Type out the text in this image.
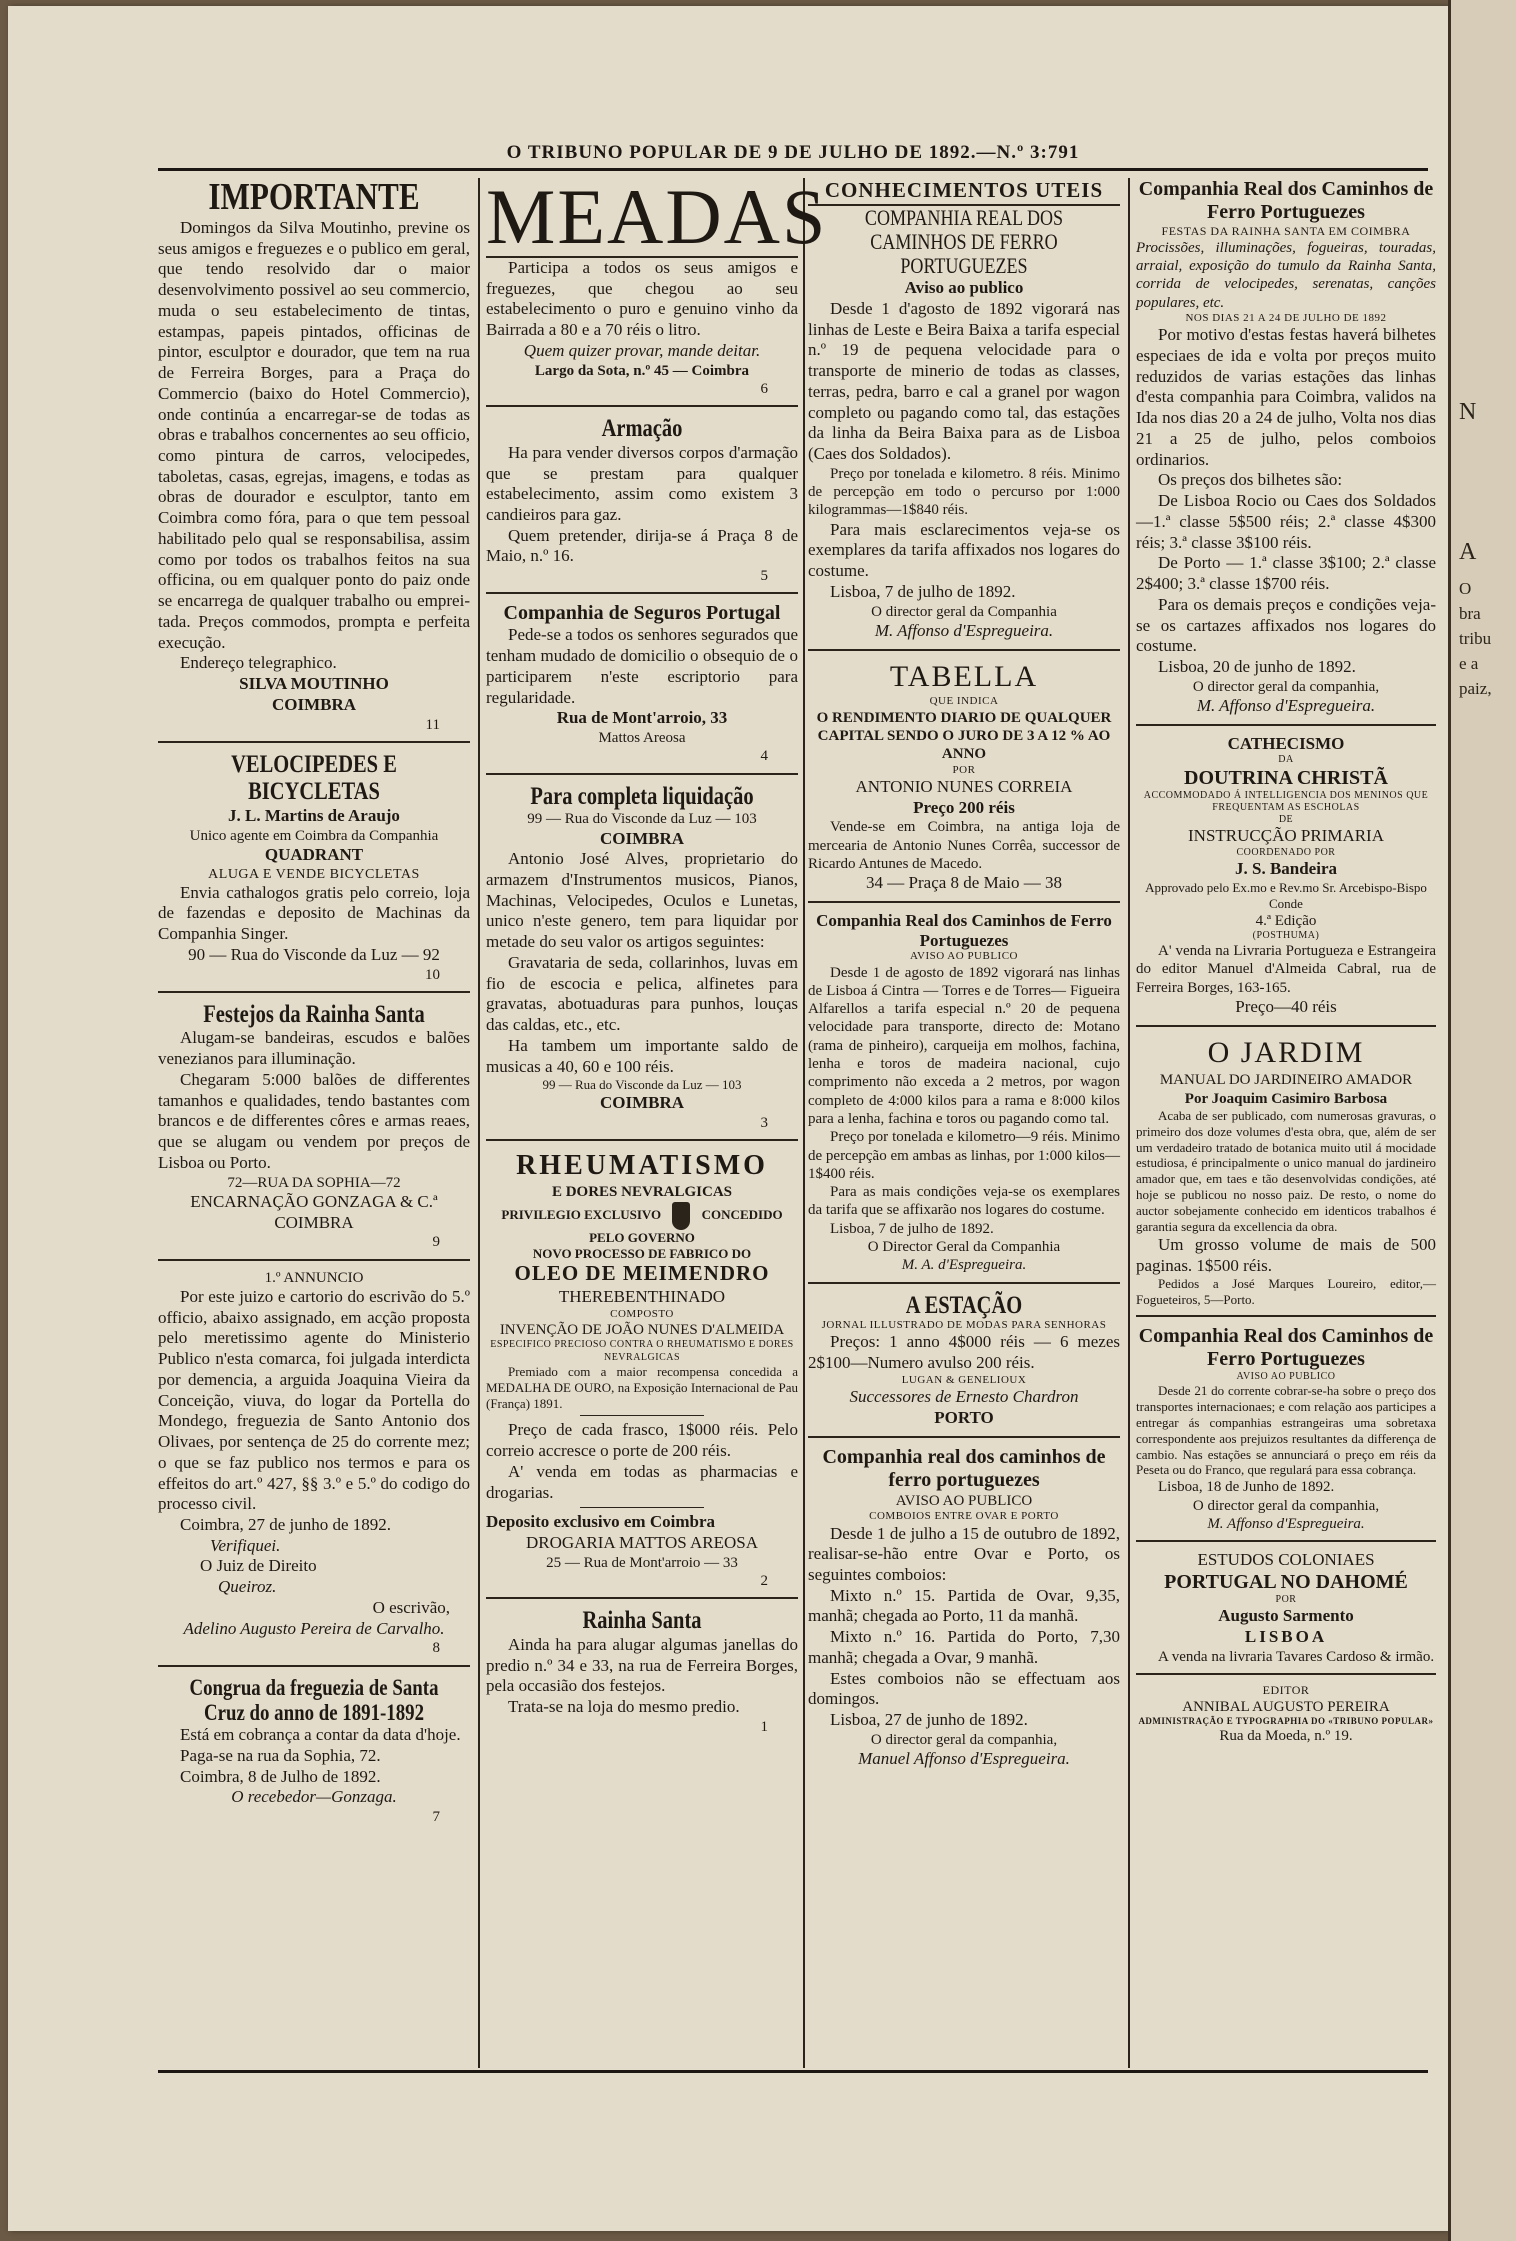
O TRIBUNO POPULAR DE 9 DE JULHO DE 1892.—N.º 3:791
IMPORTANTE
Domingos da Silva Moutinho, previne os seus amigos e freguezes e o publico em geral, que tendo resolvido dar o maior desenvolvimento possivel ao seu commercio, muda o seu estabelecimento de tintas, estampas, papeis pintados, officinas de pintor, esculptor e dourador, que tem na rua de Ferreira Borges, para a Praça do Commercio (baixo do Hotel Commercio), onde continúa a encarregar-se de todas as obras e trabalhos concernentes ao seu officio, como pintura de carros, velocipedes, taboletas, casas, egrejas, imagens, e todas as obras de dourador e esculptor, tanto em Coimbra como fóra, para o que tem pessoal habilitado pelo qual se responsabilisa, assim como por todos os trabalhos feitos na sua officina, ou em qualquer ponto do paiz onde se encarrega de qualquer trabalho ou emprei-tada. Preços commodos, prompta e perfeita execução.
Endereço telegraphico.
SILVA MOUTINHO
COIMBRA
11
VELOCIPEDES E BICYCLETAS
J. L. Martins de Araujo
Unico agente em Coimbra da Companhia
QUADRANT
ALUGA E VENDE BICYCLETAS
Envia cathalogos gratis pelo correio, loja de fazendas e deposito de Machinas da Companhia Singer.
90 — Rua do Visconde da Luz — 92
10
Festejos da Rainha Santa
Alugam-se bandeiras, escudos e balões venezianos para illuminação.
Chegaram 5:000 balões de differentes tamanhos e qualidades, tendo bastantes com brancos e de differentes côres e armas reaes, que se alugam ou vendem por preços de Lisboa ou Porto.
72—RUA DA SOPHIA—72
ENCARNAÇÃO GONZAGA & C.ª
COIMBRA
9
1.º ANNUNCIO
Por este juizo e cartorio do escrivão do 5.º officio, abaixo assignado, em acção proposta pelo meretissimo agente do Ministerio Publico n'esta comarca, foi julgada interdicta por demencia, a arguida Joaquina Vieira da Conceição, viuva, do logar da Portella do Mondego, freguezia de Santo Antonio dos Olivaes, por sentença de 25 do corrente mez; o que se faz publico nos termos e para os effeitos do art.º 427, §§ 3.º e 5.º do codigo do processo civil.
Coimbra, 27 de junho de 1892.
Verifiquei.
O Juiz de Direito
Queiroz.
O escrivão,
Adelino Augusto Pereira de Carvalho.
8
Congrua da freguezia de Santa Cruz do anno de 1891-1892
Está em cobrança a contar da data d'hoje.
Paga-se na rua da Sophia, 72.
Coimbra, 8 de Julho de 1892.
O recebedor—Gonzaga.
7
MEADAS
Participa a todos os seus amigos e freguezes, que chegou ao seu estabelecimento o puro e genuino vinho da Bairrada a 80 e a 70 réis o litro.
Quem quizer provar, mande deitar.
Largo da Sota, n.º 45 — Coimbra
6
Armação
Ha para vender diversos corpos d'armação que se prestam para qualquer estabelecimento, assim como existem 3 candieiros para gaz.
Quem pretender, dirija-se á Praça 8 de Maio, n.º 16.
5
Companhia de Seguros Portugal
Pede-se a todos os senhores segurados que tenham mudado de domicilio o obsequio de o participarem n'este escriptorio para regularidade.
Rua de Mont'arroio, 33
Mattos Areosa
4
Para completa liquidação
99 — Rua do Visconde da Luz — 103
COIMBRA
Antonio José Alves, proprietario do armazem d'Instrumentos musicos, Pianos, Machinas, Velocipedes, Oculos e Lunetas, unico n'este genero, tem para liquidar por metade do seu valor os artigos seguintes:
Gravataria de seda, collarinhos, luvas em fio de escocia e pelica, alfinetes para gravatas, abotuaduras para punhos, louças das caldas, etc., etc.
Ha tambem um importante saldo de musicas a 40, 60 e 100 réis.
99 — Rua do Visconde da Luz — 103
COIMBRA
3
RHEUMATISMO
E DORES NEVRALGICAS
PRIVILEGIO EXCLUSIVO	CONCEDIDO PELO GOVERNO
NOVO PROCESSO DE FABRICO DO
OLEO DE MEIMENDRO
THEREBENTHINADO
COMPOSTO
INVENÇÃO DE JOÃO NUNES D'ALMEIDA
ESPECIFICO PRECIOSO CONTRA O RHEUMATISMO E DORES NEVRALGICAS
Premiado com a maior recompensa concedida a MEDALHA DE OURO, na Exposição Internacional de Pau (França) 1891.
Preço de cada frasco, 1$000 réis. Pelo correio accresce o porte de 200 réis.
A' venda em todas as pharmacias e drogarias.
Deposito exclusivo em Coimbra
DROGARIA MATTOS AREOSA
25 — Rua de Mont'arroio — 33
2
Rainha Santa
Ainda ha para alugar algumas janellas do predio n.º 34 e 33, na rua de Ferreira Borges, pela occasião dos festejos.
Trata-se na loja do mesmo predio.
1
CONHECIMENTOS UTEIS
COMPANHIA REAL DOS CAMINHOS DE FERRO PORTUGUEZES
Aviso ao publico
Desde 1 d'agosto de 1892 vigorará nas linhas de Leste e Beira Baixa a tarifa especial n.º 19 de pequena velocidade para o transporte de minerio de todas as classes, terras, pedra, barro e cal a granel por wagon completo ou pagando como tal, das estações da linha da Beira Baixa para as de Lisboa (Caes dos Soldados).
Preço por tonelada e kilometro. 8 réis. Minimo de percepção em todo o percurso por 1:000 kilogrammas—1$840 réis.
Para mais esclarecimentos veja-se os exemplares da tarifa affixados nos logares do costume.
Lisboa, 7 de julho de 1892.
O director geral da Companhia
M. Affonso d'Espregueira.
TABELLA
QUE INDICA
O RENDIMENTO DIARIO DE QUALQUER CAPITAL SENDO O JURO DE 3 A 12 % AO ANNO
POR
ANTONIO NUNES CORREIA
Preço 200 réis
Vende-se em Coimbra, na antiga loja de mercearia de Antonio Nunes Corrêa, successor de Ricardo Antunes de Macedo.
34 — Praça 8 de Maio — 38
Companhia Real dos Caminhos de Ferro Portuguezes
AVISO AO PUBLICO
Desde 1 de agosto de 1892 vigorará nas linhas de Lisboa á Cintra — Torres e de Torres— Figueira Alfarellos a tarifa especial n.º 20 de pequena velocidade para transporte, directo de: Motano (rama de pinheiro), carqueija em molhos, fachina, lenha e toros de madeira nacional, cujo comprimento não exceda a 2 metros, por wagon completo de 4:000 kilos para a rama e 8:000 kilos para a lenha, fachina e toros ou pagando como tal.
Preço por tonelada e kilometro—9 réis. Minimo de percepção em ambas as linhas, por 1:000 kilos—1$400 réis.
Para as mais condições veja-se os exemplares da tarifa que se affixarão nos logares do costume.
Lisboa, 7 de julho de 1892.
O Director Geral da Companhia
M. A. d'Espregueira.
A ESTAÇÃO
JORNAL ILLUSTRADO DE MODAS PARA SENHORAS
Preços: 1 anno 4$000 réis — 6 mezes 2$100—Numero avulso 200 réis.
LUGAN & GENELIOUX
Successores de Ernesto Chardron
PORTO
Companhia real dos caminhos de ferro portuguezes
AVISO AO PUBLICO
COMBOIOS ENTRE OVAR E PORTO
Desde 1 de julho a 15 de outubro de 1892, realisar-se-hão entre Ovar e Porto, os seguintes comboios:
Mixto n.º 15. Partida de Ovar, 9,35, manhã; chegada ao Porto, 11 da manhã.
Mixto n.º 16. Partida do Porto, 7,30 manhã; chegada a Ovar, 9 manhã.
Estes comboios não se effectuam aos domingos.
Lisboa, 27 de junho de 1892.
O director geral da companhia,
Manuel Affonso d'Espregueira.
Companhia Real dos Caminhos de Ferro Portuguezes
FESTAS DA RAINHA SANTA EM COIMBRA
Procissões, illuminações, fogueiras, touradas, arraial, exposição do tumulo da Rainha Santa, corrida de velocipedes, serenatas, canções populares, etc.
NOS DIAS 21 A 24 DE JULHO DE 1892
Por motivo d'estas festas haverá bilhetes especiaes de ida e volta por preços muito reduzidos de varias estações das linhas d'esta companhia para Coimbra, validos na Ida nos dias 20 a 24 de julho, Volta nos dias 21 a 25 de julho, pelos comboios ordinarios.
Os preços dos bilhetes são:
De Lisboa Rocio ou Caes dos Soldados—1.ª classe 5$500 réis; 2.ª classe 4$300 réis; 3.ª classe 3$100 réis.
De Porto — 1.ª classe 3$100; 2.ª classe 2$400; 3.ª classe 1$700 réis.
Para os demais preços e condições veja-se os cartazes affixados nos logares do costume.
Lisboa, 20 de junho de 1892.
O director geral da companhia,
M. Affonso d'Espregueira.
CATHECISMO
DA
DOUTRINA CHRISTÃ
ACCOMMODADO Á INTELLIGENCIA DOS MENINOS QUE FREQUENTAM AS ESCHOLAS
DE
INSTRUCÇÃO PRIMARIA
COORDENADO POR
J. S. Bandeira
Approvado pelo Ex.mo e Rev.mo Sr. Arcebispo-Bispo Conde
4.ª Edição
(POSTHUMA)
A' venda na Livraria Portugueza e Estrangeira do editor Manuel d'Almeida Cabral, rua de Ferreira Borges, 163-165.
Preço—40 réis
O JARDIM
MANUAL DO JARDINEIRO AMADOR
Por Joaquim Casimiro Barbosa
Acaba de ser publicado, com numerosas gravuras, o primeiro dos doze volumes d'esta obra, que, além de ser um verdadeiro tratado de botanica muito util á mocidade estudiosa, é principalmente o unico manual do jardineiro amador que, em taes e tão desenvolvidas condições, até hoje se publicou no nosso paiz. De resto, o nome do auctor sobejamente conhecido em identicos trabalhos é garantia segura da excellencia da obra.
Um grosso volume de mais de 500 paginas. 1$500 réis.
Pedidos a José Marques Loureiro, editor,—Fogueteiros, 5—Porto.
Companhia Real dos Caminhos de Ferro Portuguezes
AVISO AO PUBLICO
Desde 21 do corrente cobrar-se-ha sobre o preço dos transportes internacionaes; e com relação aos participes a entregar ás companhias estrangeiras uma sobretaxa correspondente aos prejuizos resultantes da differença de cambio. Nas estações se annunciará o preço em réis da Peseta ou do Franco, que regulará para essa cobrança.
Lisboa, 18 de Junho de 1892.
O director geral da companhia,
M. Affonso d'Espregueira.
ESTUDOS COLONIAES
PORTUGAL NO DAHOMÉ
POR
Augusto Sarmento
LISBOA
A venda na livraria Tavares Cardoso & irmão.
EDITOR
ANNIBAL AUGUSTO PEREIRA
ADMINISTRAÇÃO E TYPOGRAPHIA DO «TRIBUNO POPULAR»
Rua da Moeda, n.º 19.
N
A
O
bra
tribu
e a
paiz,
